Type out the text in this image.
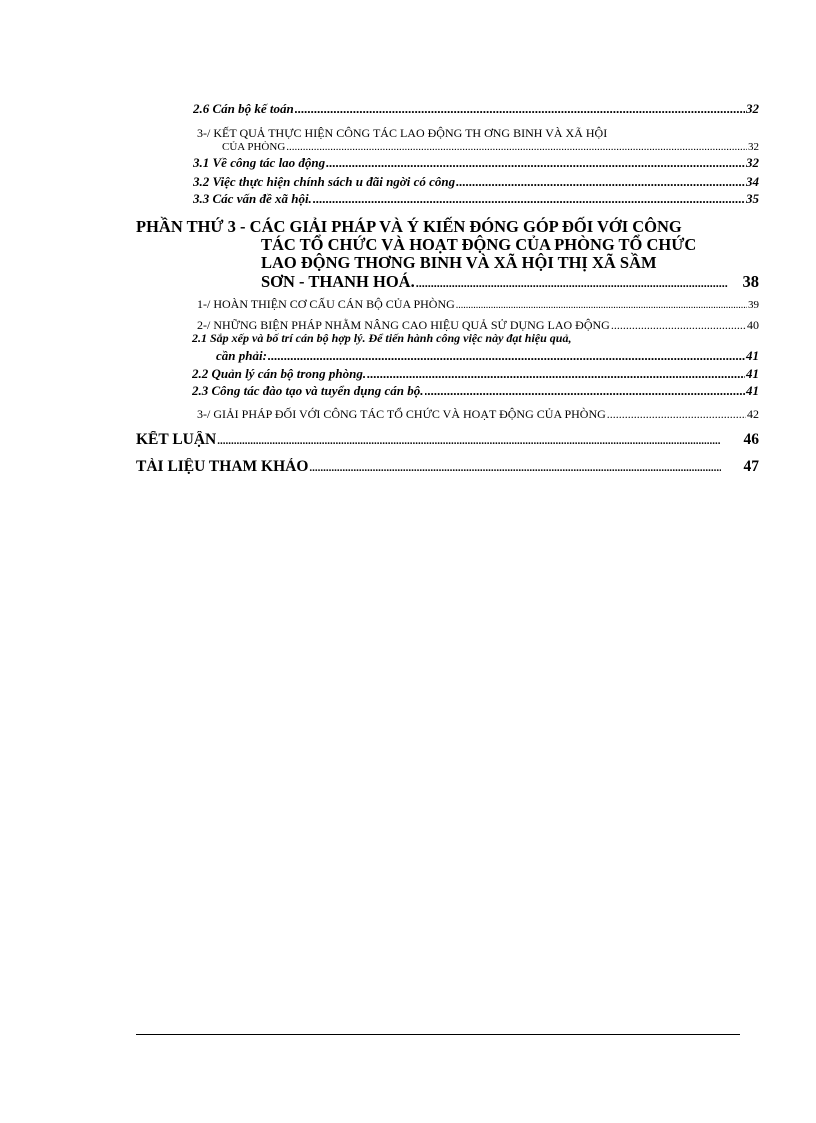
2.6 Cán bộ kế toán .....	32
3-/ KẾT QUẢ THỰC HIỆN CÔNG TÁC LAO ĐỘNG TH ƠNG BINH VÀ XÃ HỘI
CỦA PHÒNG .....	32
3.1 Về công tác lao động .....	32
3.2 Việc thực hiện chính sách u đãi ngời có công .....	34
3.3 Các vấn đề xã hội. .....	35
PHẦN THỨ 3 - CÁC GIẢI PHÁP VÀ Ý KIẾN ĐÓNG GÓP ĐỐI VỚI CÔNG
TÁC TỔ CHỨC VÀ HOẠT ĐỘNG CỦA PHÒNG TỔ CHỨC
LAO ĐỘNG THƠNG BINH VÀ XÃ HỘI THỊ XÃ SẦM
SƠN - THANH HOÁ. .....	38
1-/ HOÀN THIỆN CƠ CẤU CÁN BỘ CỦA PHÒNG .....	39
2-/ NHỮNG BIỆN PHÁP NHẰM NÂNG CAO HIỆU QUẢ SỬ DỤNG LAO ĐỘNG .....	40
2.1 Sắp xếp và bố trí cán bộ hợp lý. Để tiến hành công việc này đạt hiệu quả,
cần phải: .....	41
2.2 Quản lý cán bộ trong phòng. .....	41
2.3 Công tác đào tạo và tuyển dụng cán bộ. .....	41
3-/ GIẢI PHÁP ĐỐI VỚI CÔNG TÁC TỔ CHỨC VÀ HOẠT ĐỘNG CỦA PHÒNG .....	42
KẾT LUẬN .....	46
TÀI LIỆU THAM KHẢO .....	47
